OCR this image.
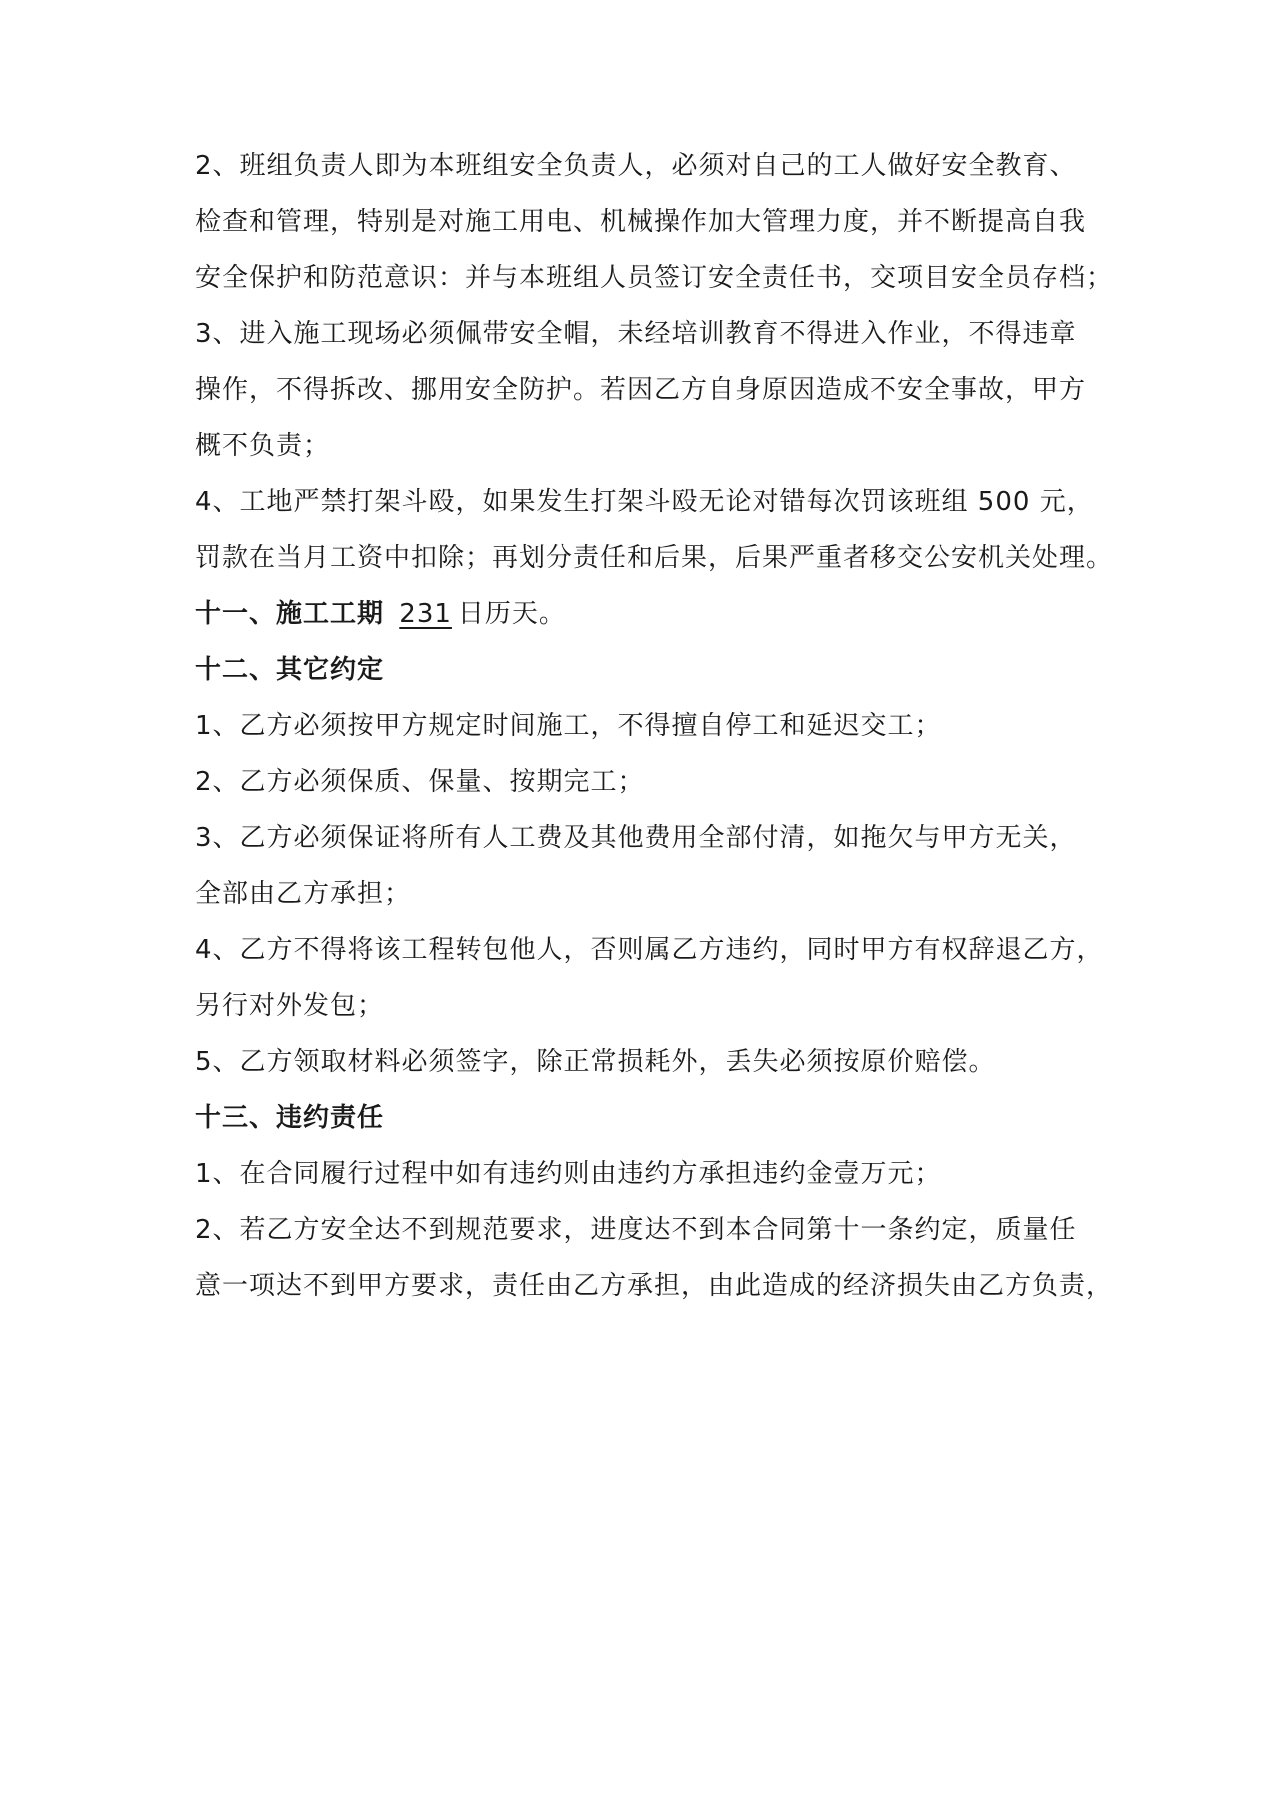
2、班组负责人即为本班组安全负责人，必须对自己的工人做好安全教育、
检查和管理，特别是对施工用电、机械操作加大管理力度，并不断提高自我
安全保护和防范意识：并与本班组人员签订安全责任书，交项目安全员存档；
3、进入施工现场必须佩带安全帽，未经培训教育不得进入作业，不得违章
操作，不得拆改、挪用安全防护。若因乙方自身原因造成不安全事故，甲方
概不负责；
4、工地严禁打架斗殴，如果发生打架斗殴无论对错每次罚该班组 500 元，
罚款在当月工资中扣除；再划分责任和后果，后果严重者移交公安机关处理。
十一、施工工期 231 日历天。
十二、其它约定
1、乙方必须按甲方规定时间施工，不得擅自停工和延迟交工；
2、乙方必须保质、保量、按期完工；
3、乙方必须保证将所有人工费及其他费用全部付清，如拖欠与甲方无关，
全部由乙方承担；
4、乙方不得将该工程转包他人，否则属乙方违约，同时甲方有权辞退乙方，
另行对外发包；
5、乙方领取材料必须签字，除正常损耗外，丢失必须按原价赔偿。
十三、违约责任
1、在合同履行过程中如有违约则由违约方承担违约金壹万元；
2、若乙方安全达不到规范要求，进度达不到本合同第十一条约定，质量任
意一项达不到甲方要求，责任由乙方承担，由此造成的经济损失由乙方负责，
